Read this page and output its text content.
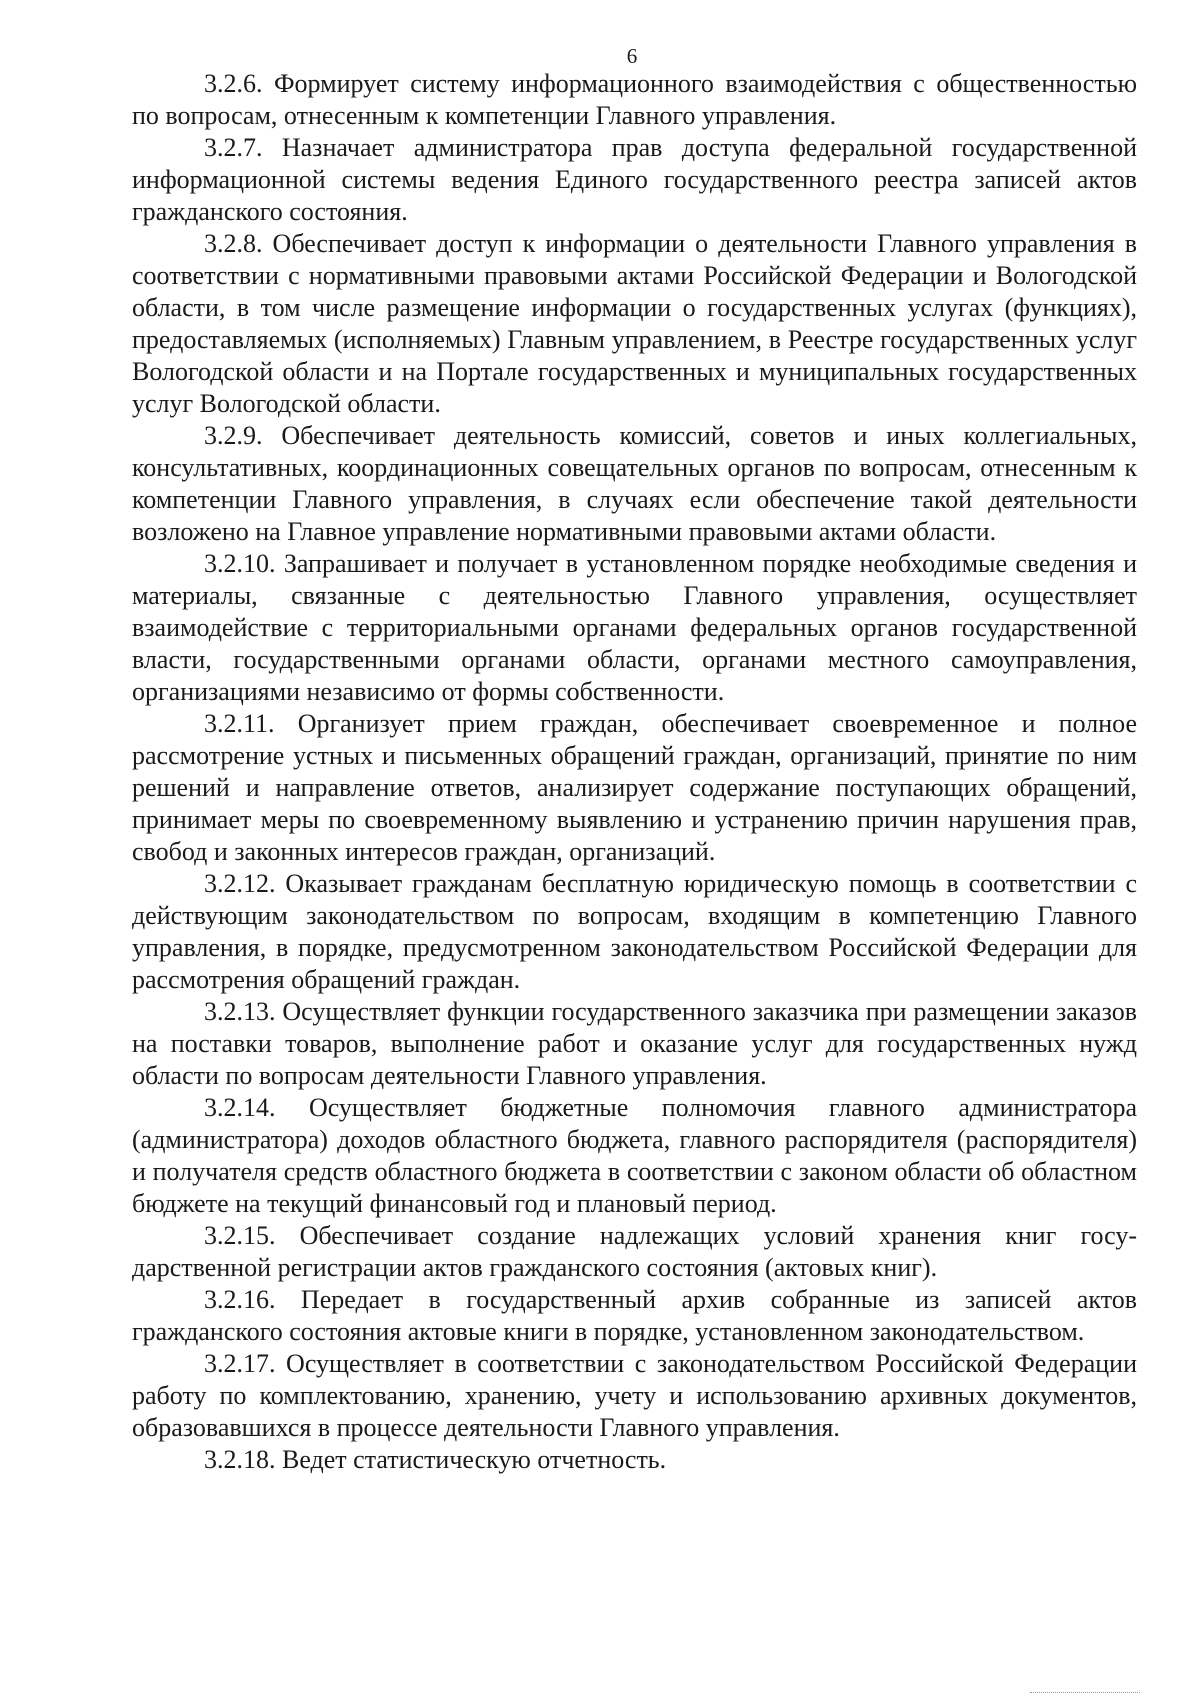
6

3.2.6. Формирует систему информационного взаимодействия с общественностью по вопросам, отнесенным к компетенции Главного управления.

3.2.7. Назначает администратора прав доступа федеральной государственной информационной системы ведения Единого государственного реестра записей актов гражданского состояния.

3.2.8. Обеспечивает доступ к информации о деятельности Главного управления в соответствии с нормативными правовыми актами Российской Федерации и Вологодской области, в том числе размещение информации о государственных услугах (функциях), предоставляемых (исполняемых) Главным управлением, в Реестре государственных услуг Вологодской области и на Портале государственных и муниципальных государственных услуг Вологодской области.

3.2.9. Обеспечивает деятельность комиссий, советов и иных коллегиальных, консультативных, координационных совещательных органов по вопросам, отнесенным к компетенции Главного управления, в случаях если обеспечение такой деятельности возложено на Главное управление нормативными правовыми актами области.

3.2.10. Запрашивает и получает в установленном порядке необходимые сведения и материалы, связанные с деятельностью Главного управления, осуществляет взаимодействие с территориальными органами федеральных органов государственной власти, государственными органами области, органами местного самоуправления, организациями независимо от формы собственности.

3.2.11. Организует прием граждан, обеспечивает своевременное и полное рассмотрение устных и письменных обращений граждан, организаций, принятие по ним решений и направление ответов, анализирует содержание поступающих обращений, принимает меры по своевременному выявлению и устранению причин нарушения прав, свобод и законных интересов граждан, организаций.

3.2.12. Оказывает гражданам бесплатную юридическую помощь в соответствии с действующим законодательством по вопросам, входящим в компетенцию Главного управления, в порядке, предусмотренном законодательством Российской Федерации для рассмотрения обращений граждан.

3.2.13. Осуществляет функции государственного заказчика при размещении заказов на поставки товаров, выполнение работ и оказание услуг для государственных нужд области по вопросам деятельности Главного управления.

3.2.14. Осуществляет бюджетные полномочия главного администратора (администратора) доходов областного бюджета, главного распорядителя (распорядителя) и получателя средств областного бюджета в соответствии с законом области об областном бюджете на текущий финансовый год и плановый период.

3.2.15. Обеспечивает создание надлежащих условий хранения книг государственной регистрации актов гражданского состояния (актовых книг).

3.2.16. Передает в государственный архив собранные из записей актов гражданского состояния актовые книги в порядке, установленном законодательством.

3.2.17. Осуществляет в соответствии с законодательством Российской Федерации работу по комплектованию, хранению, учету и использованию архивных документов, образовавшихся в процессе деятельности Главного управления.

3.2.18. Ведет статистическую отчетность.
